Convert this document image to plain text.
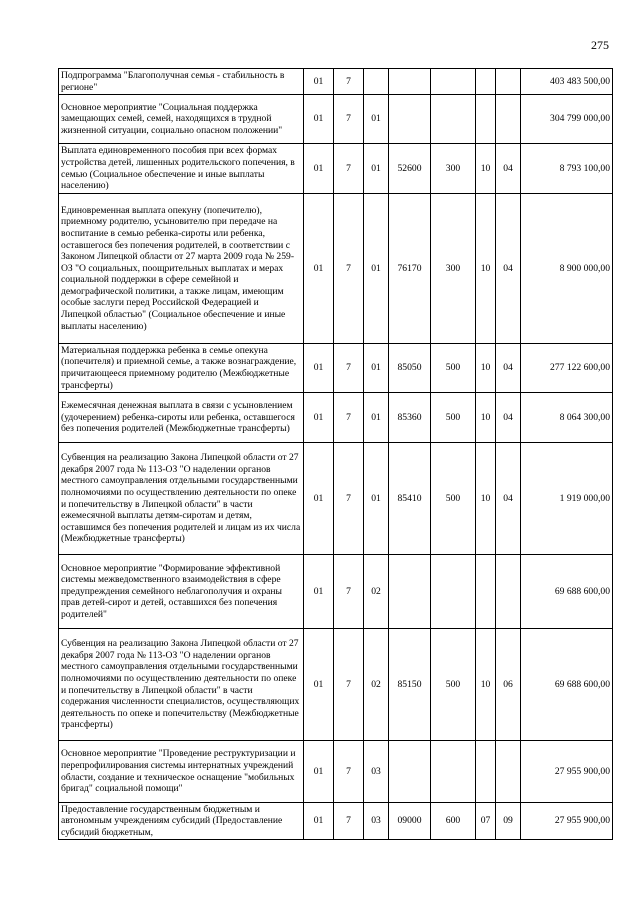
275
Подпрограмма "Благополучная семья - стабильность в регионе"	01	7						403 483 500,00
Основное мероприятие "Социальная поддержка замещающих семей, семей, находящихся в трудной жизненной ситуации, социально опасном положении"	01	7	01					304 799 000,00
Выплата единовременного пособия при всех формах устройства детей, лишенных родительского попечения, в семью (Социальное обеспечение и иные выплаты населению)	01	7	01	52600	300	10	04	8 793 100,00
Единовременная выплата опекуну (попечителю), приемному родителю, усыновителю при передаче на воспитание в семью ребенка-сироты или ребенка, оставшегося без попечения родителей, в соответствии с Законом Липецкой области от 27 марта 2009 года № 259-ОЗ "О социальных, поощрительных выплатах и мерах социальной поддержки в сфере семейной и демографической политики, а также лицам, имеющим особые заслуги перед Российской Федерацией и Липецкой областью" (Социальное обеспечение и иные выплаты населению)	01	7	01	76170	300	10	04	8 900 000,00
Материальная поддержка ребенка в семье опекуна (попечителя) и приемной семье, а также вознаграждение, причитающееся приемному родителю (Межбюджетные трансферты)	01	7	01	85050	500	10	04	277 122 600,00
Ежемесячная денежная выплата в связи с усыновлением (удочерением) ребенка-сироты или ребенка, оставшегося без попечения родителей (Межбюджетные трансферты)	01	7	01	85360	500	10	04	8 064 300,00
Субвенция на реализацию Закона Липецкой области от 27 декабря 2007 года № 113-ОЗ "О наделении органов местного самоуправления отдельными государственными полномочиями по осуществлению деятельности по опеке и попечительству в Липецкой области" в части ежемесячной выплаты детям-сиротам и детям, оставшимся без попечения родителей и лицам из их числа (Межбюджетные трансферты)	01	7	01	85410	500	10	04	1 919 000,00
Основное мероприятие "Формирование эффективной системы межведомственного взаимодействия в сфере предупреждения семейного неблагополучия и охраны прав детей-сирот и детей, оставшихся без попечения родителей"	01	7	02					69 688 600,00
Субвенция на реализацию Закона Липецкой области от 27 декабря 2007 года № 113-ОЗ "О наделении органов местного самоуправления отдельными государственными полномочиями по осуществлению деятельности по опеке и попечительству в Липецкой области" в части содержания численности специалистов, осуществляющих деятельность по опеке и попечительству (Межбюджетные трансферты)	01	7	02	85150	500	10	06	69 688 600,00
Основное мероприятие "Проведение реструктуризации и перепрофилирования системы интернатных учреждений области, создание и техническое оснащение "мобильных бригад" социальной помощи"	01	7	03					27 955 900,00
Предоставление государственным бюджетным и автономным учреждениям субсидий (Предоставление субсидий бюджетным,	01	7	03	09000	600	07	09	27 955 900,00
